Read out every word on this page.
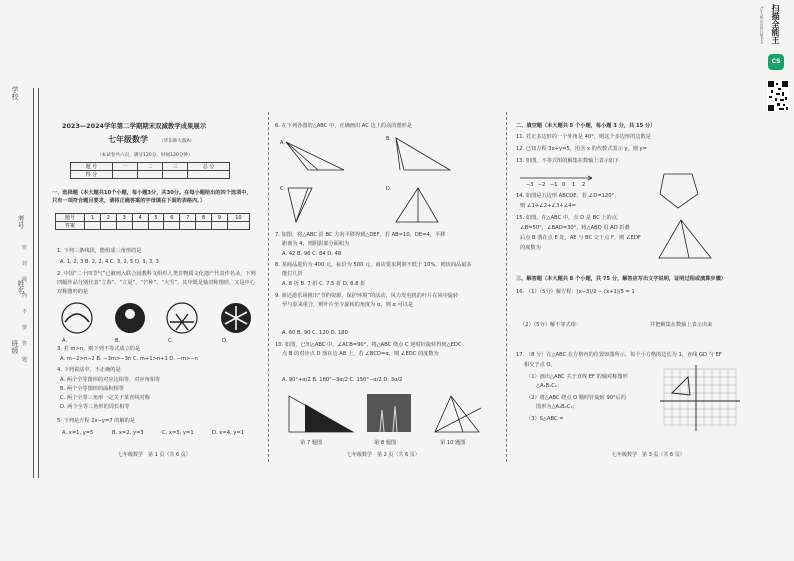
学校
班级
姓名
考号
密
封
线
内
不
要
答
题
2023—2024学年第二学期期末双减教学成果展示
七年级数学 （华东师大版A）
（本试卷共六页，满分120分，时间120分钟）
题 号	一	二	三	总 分
得 分				
一、选择题（本大题共10个小题，每小题3分，共30分。在每小题给出的四个选项中，
只有一项符合题目要求，请将正确答案的字母填在下面的表格内。）
题号	1	2	3	4	5	6	7	8	9	10
答案										
1. 下列三条线段，能组成三角形的是
A. 1, 2, 3 B. 2, 2, 4 C. 3, 2, 5 D. 3, 3, 3
2. 中国“二十四节气”已被列入联合国教科文组织人类非物质文化遗产代表作名录，下列
四幅作品分别代表“立春”、“立夏”、“芒种”、“大雪”，其中既是轴对称图形，又是中心
对称图形的是
A.	B.	C.	D.
3. 若 m>n，则下列不等式成立的是
A. m−2>n−2 B. −3m>−3n C. m+1>n+1 D. −m>−n
4. 下列说法中，不正确的是
A. 两个全等图形的对应边相等，对应角相等
B. 两个全等图形的面积相等
C. 两个全等三角形一定关于某直线对称
D. 两个全等三角形的周长相等
5. 下列是方程 2x−y=7 的解的是
A. x=1, y=5	B. x=2, y=3	C. x=3, y=1	D. x=4, y=1
七年级数学　第 1 页（共 6 页）
6. 在下列各图的△ABC 中，正确画出 AC 边上的高的图形是
A.
B.
C.	D.
7. 如图，将△ABC 沿 BC 方向平移得到△DEF，若 AB=10，DE=4，平移
距离为 4，则阴影部分面积为
A. 42 B. 96 C. 84 D. 48
8. 某商品进价为 400 元，标价为 500 元，商店要求利润不低于 10%，则该商品最多
能打几折
A. 8 折 B. 7 折 C. 7.5 折 D. 8.8 折
9. 新近游乐场推出“节约资源，保护环境”的活动，风力发电机的叶片在风中旋转
至与原来重合，则叶片至少旋转的角度为 α，则 α 可以是
A. 60 B. 90 C. 120 D. 180
10. 如图，已知△ABC 中，∠ACB=90°，将△ABC 绕点 C 逆时针旋转得到△EDC，
点 B 的对应点 D 落在边 AB 上，若 ∠BCD=α，则 ∠EDC 的度数为
A. 90°+α/2 B. 180°−3α/2 C. 150°−α/2 D. 3α/2
第 7 题图	第 8 题图	第 10 题图
七年级数学　第 2 页（共 6 页）
二、填空题（本大题共 5 个小题，每小题 3 分，共 15 分）
11. 若正多边形的一个外角是 40°，则这个多边形的边数是
12. 已知方程 3x+y=5，用含 x 的代数式表示 y，则 y=
13. 如图，不等式组的解集在数轴上表示如下
−3 −2 −1 0 1 2
14. 如图是五边形 ABCDE，若 ∠D=120°，
则 ∠1+∠2+∠3+∠4=
15. 如图，在△ABC 中，点 D 是 BC 上的点，
∠B=50°，∠BAD=30°，将△ABD 沿 AD 折叠
后点 B 落在点 E 处，AE 与 BC 交于点 F，则 ∠EDF
的度数为
三、解答题（本大题共 8 个小题，共 75 分，解答应写出文字说明，证明过程或演算步骤）
16. （1）（5分）解方程：(x−3)/2 − (x+1)/5 = 1
（2）（5分）解不等式组：	并把解集在数轴上表示出来
17. （8 分）在△ABC 在方格内的位置如图所示，每个小方格的边长为 1，直线 GD 与 EF
相交于点 O。
（1）画出△ABC 关于直线 EF 的轴对称图形
△A₁B₁C₁；
（2）将△ABC 绕点 O 顺时针旋转 90°后的
图形为△A₂B₂C₂；
（3）S△ABC =
七年级数学　第 3 页（共 6 页）
CS
扫描全能王
3亿人都在用的扫描App
